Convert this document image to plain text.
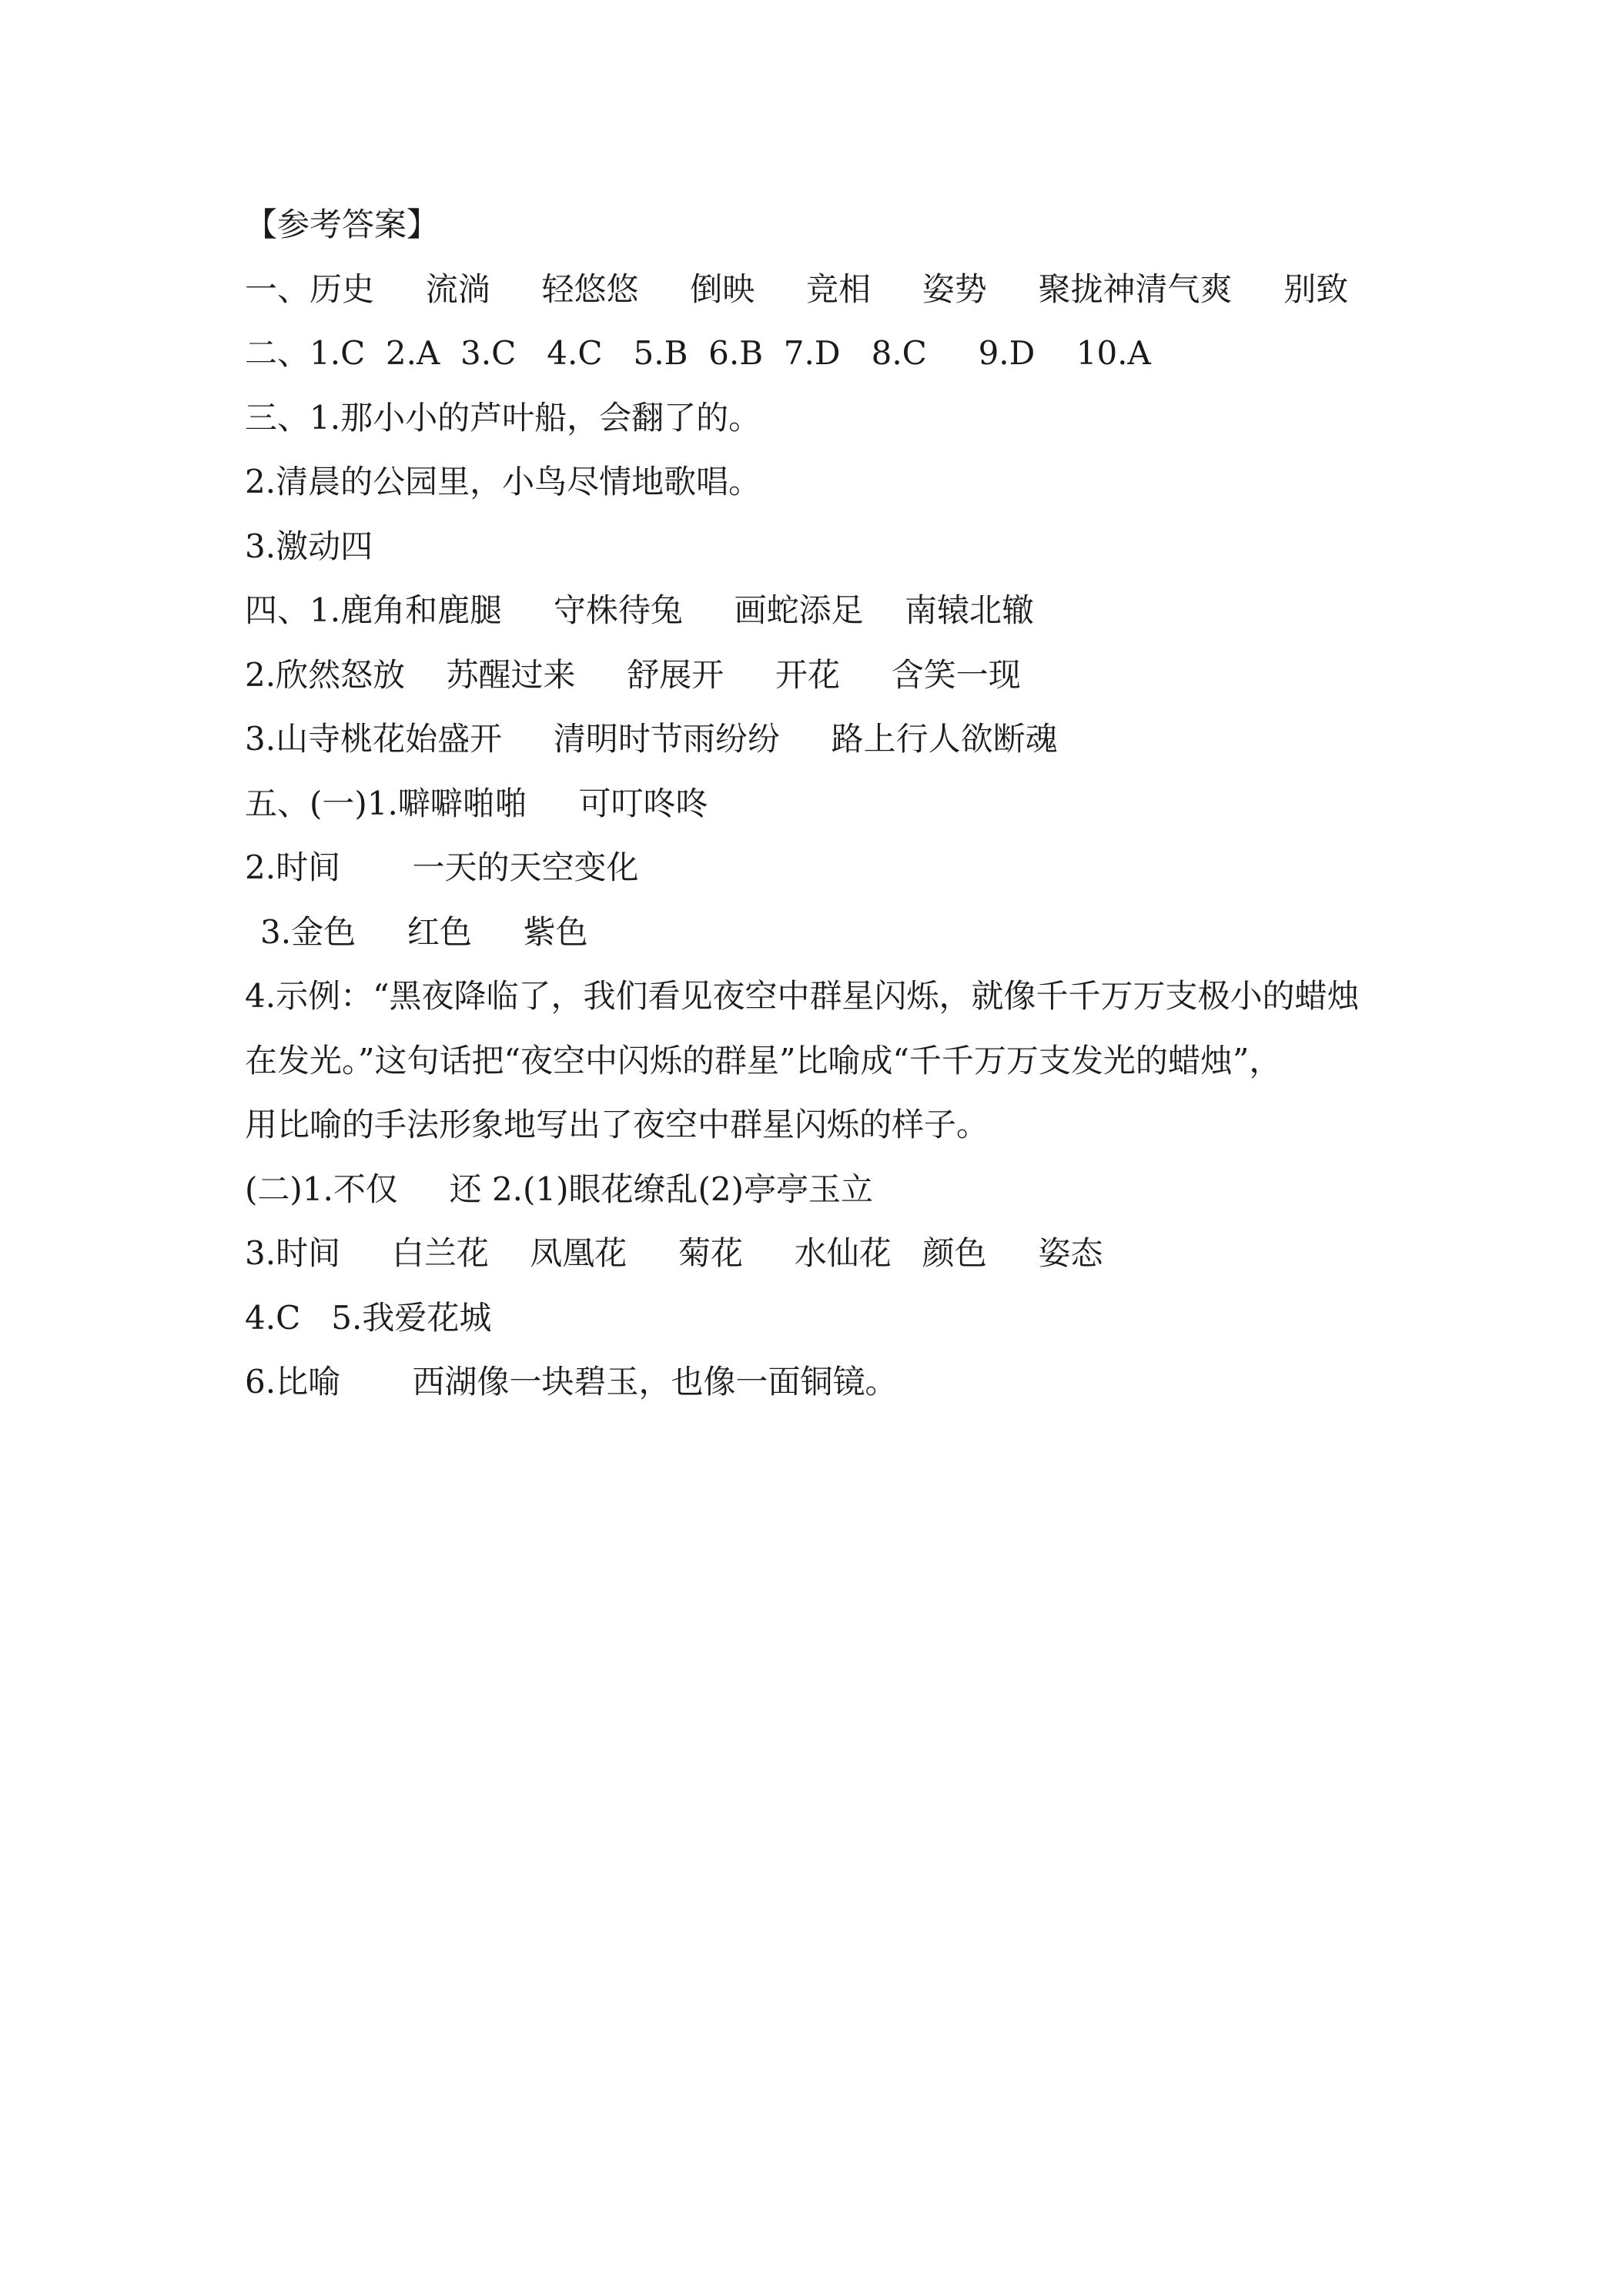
【参考答案】
一、历史     流淌     轻悠悠     倒映     竞相     姿势     聚拢神清气爽     别致
二、1.C  2.A  3.C   4.C   5.B  6.B  7.D   8.C     9.D    10.A
三、1.那小小的芦叶船，会翻了的。
2.清晨的公园里，小鸟尽情地歌唱。
3.激动四
四、1.鹿角和鹿腿     守株待兔     画蛇添足    南辕北辙
2.欣然怒放    苏醒过来     舒展开     开花     含笑一现
3.山寺桃花始盛开     清明时节雨纷纷     路上行人欲断魂
五、(一)1.噼噼啪啪     可叮咚咚
2.时间       一天的天空变化
3.金色     红色     紫色
4.示例：“黑夜降临了，我们看见夜空中群星闪烁，就像千千万万支极小的蜡烛
在发光。”这句话把“夜空中闪烁的群星”比喻成“千千万万支发光的蜡烛”，
用比喻的手法形象地写出了夜空中群星闪烁的样子。
(二)1.不仅     还 2.(1)眼花缭乱(2)亭亭玉立
3.时间     白兰花    凤凰花     菊花     水仙花   颜色     姿态
4.C   5.我爱花城
6.比喻       西湖像一块碧玉，也像一面铜镜。
